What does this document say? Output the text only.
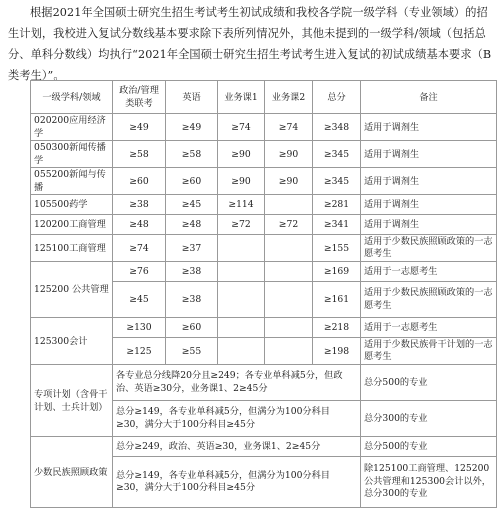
根据2021年全国硕士研究生招生考试考生初试成绩和我校各学院一级学科（专业领域）的招生计划，我校进入复试分数线基本要求除下表所列情况外，其他未提到的一级学科/领域（包括总分、单科分数线）均执行“2021年全国硕士研究生招生考试考生进入复试的初试成绩基本要求（B类考生）”。

一级学科/领域	政治/管理类联考	英语	业务课1	业务课2	总分	备注
020200应用经济学	≥49	≥49	≥74	≥74	≥348	适用于调剂生
050300新闻传播学	≥58	≥58	≥90	≥90	≥345	适用于调剂生
055200新闻与传播	≥60	≥60	≥90	≥90	≥345	适用于调剂生
105500药学	≥38	≥45	≥114		≥281	适用于调剂生
120200工商管理	≥48	≥48	≥72	≥72	≥341	适用于调剂生
125100工商管理	≥74	≥37			≥155	适用于少数民族照顾政策的一志愿考生
125200 公共管理	≥76	≥38			≥169	适用于一志愿考生
	≥45	≥38			≥161	适用于少数民族照顾政策的一志愿考生
125300会计	≥130	≥60			≥218	适用于一志愿考生
	≥125	≥55			≥198	适用于少数民族骨干计划的一志愿考生
专项计划（含骨干计划、士兵计划）	各专业总分线降20分且≥249；各专业单科减5分，但政治、英语≥30分，业务课1、2≥45分					总分500的专业
	总分≥149，各专业单科减5分，但满分为100分科目≥30，满分大于100分科目≥45分					总分300的专业
少数民族照顾政策	总分≥249，政治、英语≥30，业务课1、2≥45分					总分500的专业
	总分≥149，各专业单科减5分，但满分为100分科目≥30，满分大于100分科目≥45分					除125100工商管理、125200公共管理和125300会计以外，总分300的专业
